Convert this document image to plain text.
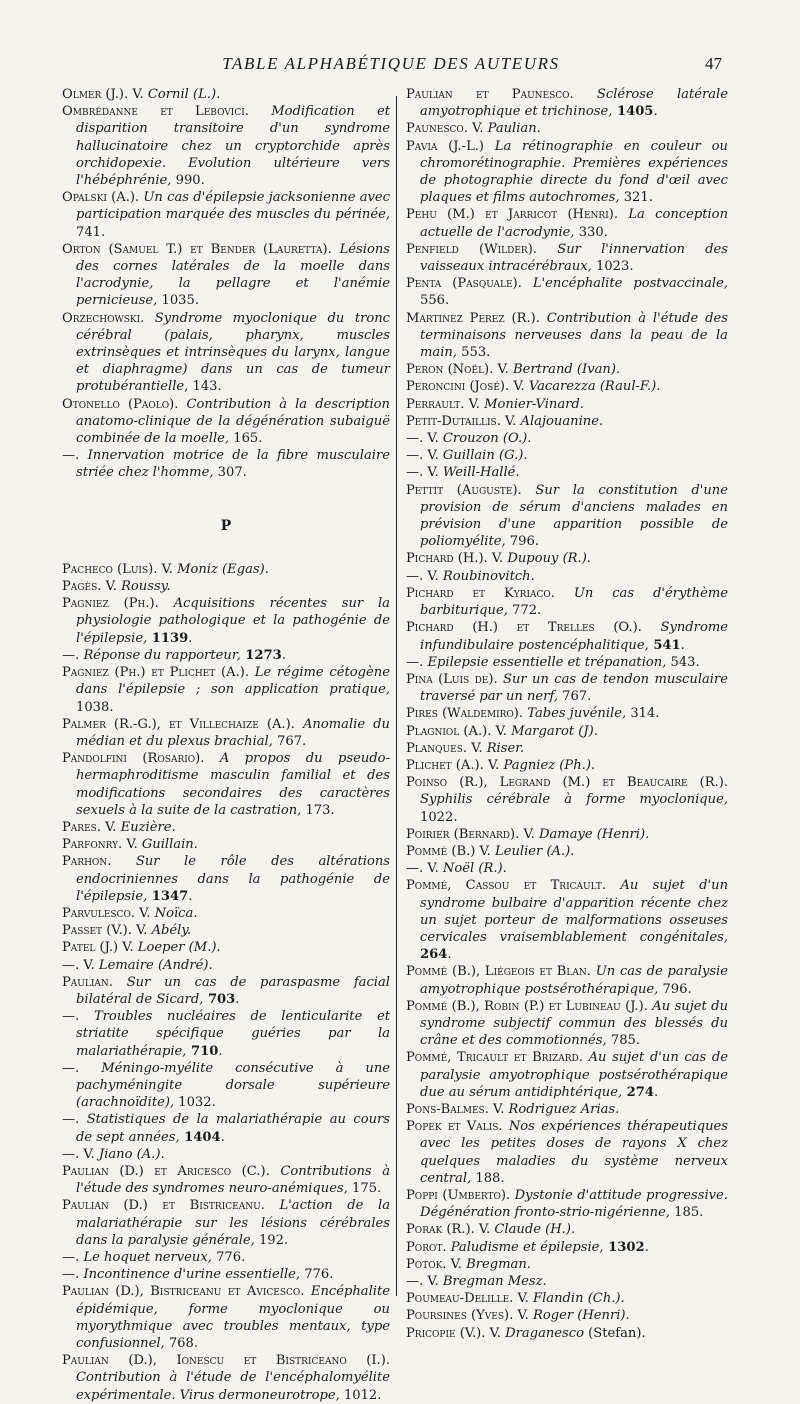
TABLE ALPHABÉTIQUE DES AUTEURS	47

Olmer (J.). V. Cornil (L.).

Ombrédanne et Lebovici. Modification et disparition transitoire d'un syndrome hallucinatoire chez un cryptorchide après orchidopexie. Evolution ultérieure vers l'hébéphrénie, 990.

Opalski (A.). Un cas d'épilepsie jacksonienne avec participation marquée des muscles du périnée, 741.

Orton (Samuel T.) et Bender (Lauretta). Lésions des cornes latérales de la moelle dans l'acrodynie, la pellagre et l'anémie pernicieuse, 1035.

Orzechowski. Syndrome myoclonique du tronc cérébral (palais, pharynx, muscles extrinsèques et intrinsèques du larynx, langue et diaphragme) dans un cas de tumeur protubérantielle, 143.

Otonello (Paolo). Contribution à la description anatomo-clinique de la dégénération subaiguë combinée de la moelle, 165.

—. Innervation motrice de la fibre musculaire striée chez l'homme, 307.

P

Pacheco (Luis). V. Moniz (Egas).

Pagès. V. Roussy.

Pagniez (Ph.). Acquisitions récentes sur la physiologie pathologique et la pathogénie de l'épilepsie, 1139.

—. Réponse du rapporteur, 1273.

Pagniez (Ph.) et Plichet (A.). Le régime cétogène dans l'épilepsie ; son application pratique, 1038.

Palmer (R.-G.), et Villechaize (A.). Anomalie du médian et du plexus brachial, 767.

Pandolfini (Rosario). A propos du pseudo-hermaphroditisme masculin familial et des modifications secondaires des caractères sexuels à la suite de la castration, 173.

Pares. V. Euzière.

Parfonry. V. Guillain.

Parhon. Sur le rôle des altérations endocriniennes dans la pathogénie de l'épilepsie, 1347.

Parvulesco. V. Noïca.

Passet (V.). V. Abély.

Patel (J.) V. Loeper (M.).

—. V. Lemaire (André).

Paulian. Sur un cas de paraspasme facial bilatéral de Sicard, 703.

—. Troubles nucléaires de lenticularite et striatite spécifique guéries par la malariathérapie, 710.

—. Méningo-myélite consécutive à une pachyméningite dorsale supérieure (arachnoïdite), 1032.

—. Statistiques de la malariathérapie au cours de sept années, 1404.

—. V. Jiano (A.).

Paulian (D.) et Aricesco (C.). Contributions à l'étude des syndromes neuro-anémiques, 175.

Paulian (D.) et Bistriceanu. L'action de la malariathérapie sur les lésions cérébrales dans la paralysie générale, 192.

—. Le hoquet nerveux, 776.

—. Incontinence d'urine essentielle, 776.

Paulian (D.), Bistriceanu et Avicesco. Encéphalite épidémique, forme myoclonique ou myorythmique avec troubles mentaux, type confusionnel, 768.

Paulian (D.), Ionescu et Bistriceano (I.). Contribution à l'étude de l'encéphalomyélite expérimentale. Virus dermoneurotrope, 1012.

Paulian et Paunesco. Sclérose latérale amyotrophique et trichinose, 1405.

Paunesco. V. Paulian.

Pavia (J.-L.) La rétinographie en couleur ou chromorétinographie. Premières expériences de photographie directe du fond d'œil avec plaques et films autochromes, 321.

Pehu (M.) et Jarricot (Henri). La conception actuelle de l'acrodynie, 330.

Penfield (Wilder). Sur l'innervation des vaisseaux intracérébraux, 1023.

Penta (Pasquale). L'encéphalite postvaccinale, 556.

Martinez Perez (R.). Contribution à l'étude des terminaisons nerveuses dans la peau de la main, 553.

Peron (Noël). V. Bertrand (Ivan).

Peroncini (José). V. Vacarezza (Raul-F.).

Perrault. V. Monier-Vinard.

Petit-Dutaillis. V. Alajouanine.

—. V. Crouzon (O.).

—. V. Guillain (G.).

—. V. Weill-Hallé.

Pettit (Auguste). Sur la constitution d'une provision de sérum d'anciens malades en prévision d'une apparition possible de poliomyélite, 796.

Pichard (H.). V. Dupouy (R.).

—. V. Roubinovitch.

Pichard et Kyriaco. Un cas d'érythème barbiturique, 772.

Pichard (H.) et Trelles (O.). Syndrome infundibulaire postencéphalitique, 541.

—. Epilepsie essentielle et trépanation, 543.

Pina (Luis de). Sur un cas de tendon musculaire traversé par un nerf, 767.

Pires (Waldemiro). Tabes juvénile, 314.

Plagniol (A.). V. Margarot (J).

Planques. V. Riser.

Plichet (A.). V. Pagniez (Ph.).

Poinso (R.), Legrand (M.) et Beaucaire (R.). Syphilis cérébrale à forme myoclonique, 1022.

Poirier (Bernard). V. Damaye (Henri).

Pommé (B.) V. Leulier (A.).

—. V. Noël (R.).

Pommé, Cassou et Tricault. Au sujet d'un syndrome bulbaire d'apparition récente chez un sujet porteur de malformations osseuses cervicales vraisemblablement congénitales, 264.

Pommé (B.), Liégeois et Blan. Un cas de paralysie amyotrophique postsérothérapique, 796.

Pommé (B.), Robin (P.) et Lubineau (J.). Au sujet du syndrome subjectif commun des blessés du crâne et des commotionnés, 785.

Pommé, Tricault et Brizard. Au sujet d'un cas de paralysie amyotrophique postsérothérapique due au sérum antidiphtérique, 274.

Pons-Balmes. V. Rodriguez Arias.

Popek et Valis. Nos expériences thérapeutiques avec les petites doses de rayons X chez quelques maladies du système nerveux central, 188.

Poppi (Umberto). Dystonie d'attitude progressive. Dégénération fronto-strio-nigérienne, 185.

Porak (R.). V. Claude (H.).

Porot. Paludisme et épilepsie, 1302.

Potok. V. Bregman.

—. V. Bregman Mesz.

Poumeau-Delille. V. Flandin (Ch.).

Poursines (Yves). V. Roger (Henri).

Pricopie (V.). V. Draganesco (Stefan).
